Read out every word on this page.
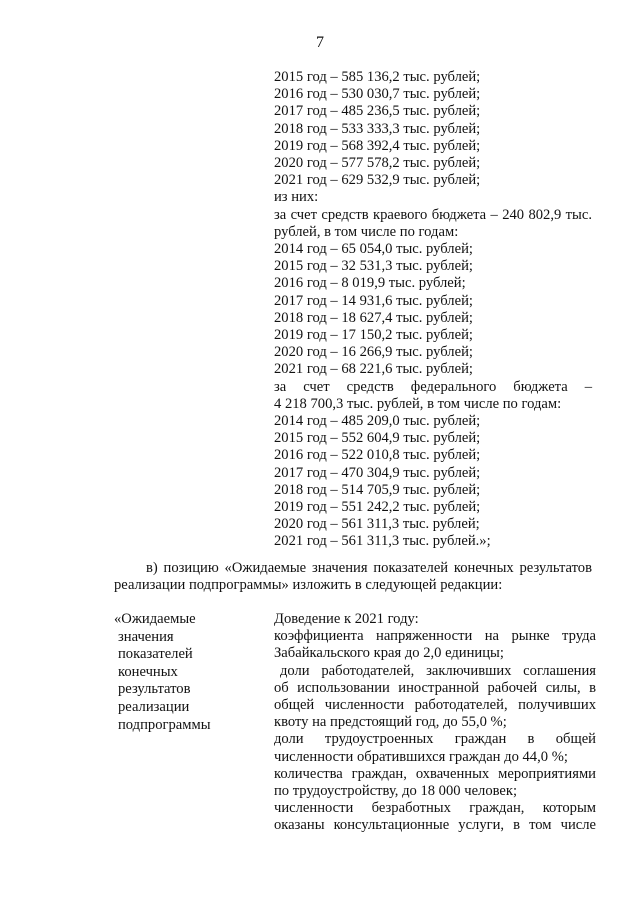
7
2015 год – 585 136,2 тыс. рублей;
2016 год – 530 030,7 тыс. рублей;
2017 год – 485 236,5 тыс. рублей;
2018 год – 533 333,3 тыс. рублей;
2019 год – 568 392,4 тыс. рублей;
2020 год – 577 578,2 тыс. рублей;
2021 год – 629 532,9 тыс. рублей;
из них:
за счет средств краевого бюджета – 240 802,9 тыс.
рублей, в том числе по годам:
2014 год – 65 054,0 тыс. рублей;
2015 год – 32 531,3 тыс. рублей;
2016 год – 8 019,9 тыс. рублей;
2017 год – 14 931,6 тыс. рублей;
2018 год – 18 627,4 тыс. рублей;
2019 год – 17 150,2 тыс. рублей;
2020 год – 16 266,9 тыс. рублей;
2021 год – 68 221,6 тыс. рублей;
за счет средств федерального бюджета –
4 218 700,3 тыс. рублей, в том числе по годам:
2014 год – 485 209,0 тыс. рублей;
2015 год – 552 604,9 тыс. рублей;
2016 год – 522 010,8 тыс. рублей;
2017 год – 470 304,9 тыс. рублей;
2018 год – 514 705,9 тыс. рублей;
2019 год – 551 242,2 тыс. рублей;
2020 год – 561 311,3 тыс. рублей;
2021 год – 561 311,3 тыс. рублей.»;
в) позицию «Ожидаемые значения показателей конечных результатов реализации подпрограммы» изложить в следующей редакции:
«Ожидаемые
значения
показателей
конечных
результатов
реализации
подпрограммы
Доведение к 2021 году:
коэффициента напряженности на рынке труда
Забайкальского края до 2,0 единицы;
доли работодателей, заключивших соглашения
об использовании иностранной рабочей силы, в
общей численности работодателей, получивших
квоту на предстоящий год, до 55,0 %;
доли трудоустроенных граждан в общей
численности обратившихся граждан до 44,0 %;
количества граждан, охваченных мероприятиями
по трудоустройству, до 18 000 человек;
численности безработных граждан, которым
оказаны консультационные услуги, в том числе
